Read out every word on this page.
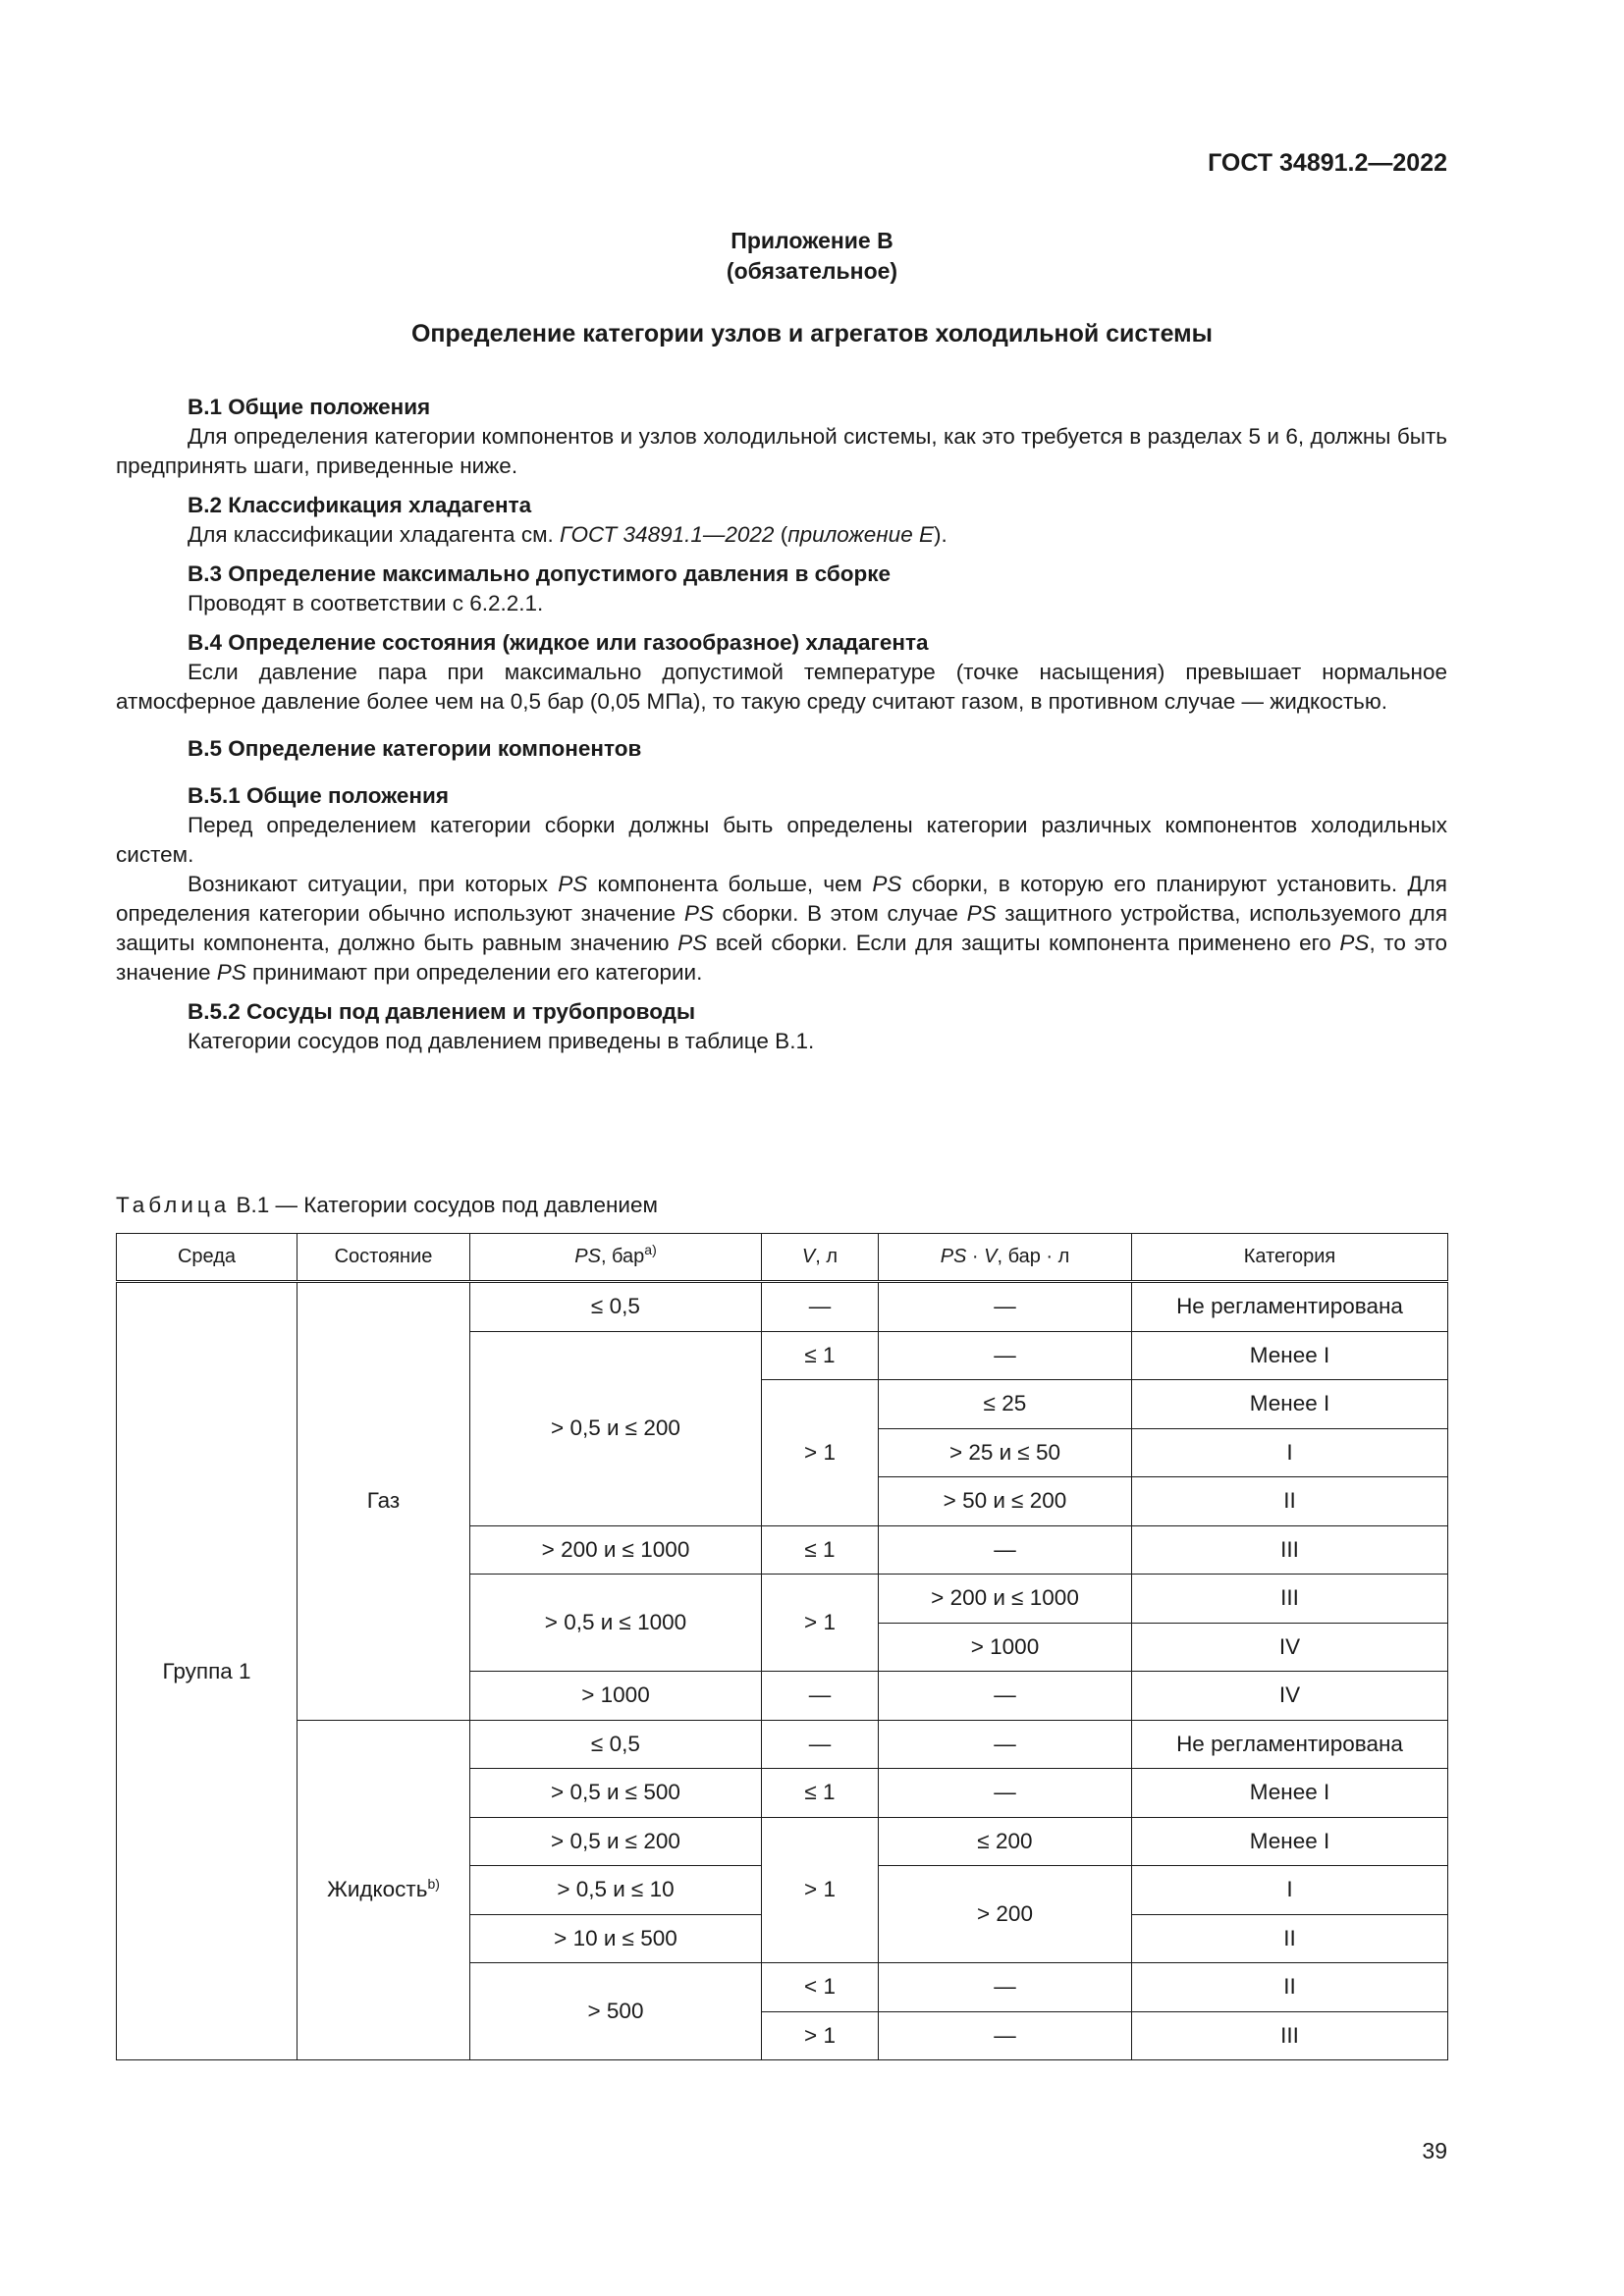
ГОСТ 34891.2—2022
Приложение В
(обязательное)
Определение категории узлов и агрегатов холодильной системы

В.1 Общие положения

Для определения категории компонентов и узлов холодильной системы, как это требуется в разделах 5 и 6, должны быть предпринять шаги, приведенные ниже.

В.2 Классификация хладагента

Для классификации хладагента см. ГОСТ 34891.1—2022 (приложение Е).

В.3 Определение максимально допустимого давления в сборке

Проводят в соответствии с 6.2.2.1.

В.4 Определение состояния (жидкое или газообразное) хладагента

Если давление пара при максимально допустимой температуре (точке насыщения) превышает нормальное атмосферное давление более чем на 0,5 бар (0,05 МПа), то такую среду считают газом, в противном случае — жидкостью.

В.5 Определение категории компонентов

В.5.1 Общие положения

Перед определением категории сборки должны быть определены категории различных компонентов холодильных систем.

Возникают ситуации, при которых PS компонента больше, чем PS сборки, в которую его планируют установить. Для определения категории обычно используют значение PS сборки. В этом случае PS защитного устройства, используемого для защиты компонента, должно быть равным значению PS всей сборки. Если для защиты компонента применено его PS, то это значение PS принимают при определении его категории.

В.5.2 Сосуды под давлением и трубопроводы

Категории сосудов под давлением приведены в таблице В.1.

Таблица В.1 — Категории сосудов под давлением
Среда	Состояние	PS, бар$^{a)}$	V, л	PS · V, бар · л	Категория
Группа 1	Газ	≤ 0,5	—	—	Не регламентирована
		> 0,5 и ≤ 200	≤ 1	—	Менее I
			> 1	≤ 25	Менее I
				> 25 и ≤ 50	I
				> 50 и ≤ 200	II
		> 200 и ≤ 1000	≤ 1	—	III
		> 0,5 и ≤ 1000	> 1	> 200 и ≤ 1000	III
				> 1000	IV
		> 1000	—	—	IV
	Жидкость$^{b)}$	≤ 0,5	—	—	Не регламентирована
		> 0,5 и ≤ 500	≤ 1	—	Менее I
		> 0,5 и ≤ 200	> 1	≤ 200	Менее I
		> 0,5 и ≤ 10		> 200	I
		> 10 и ≤ 500			II
		> 500	< 1	—	II
			> 1	—	III
39
